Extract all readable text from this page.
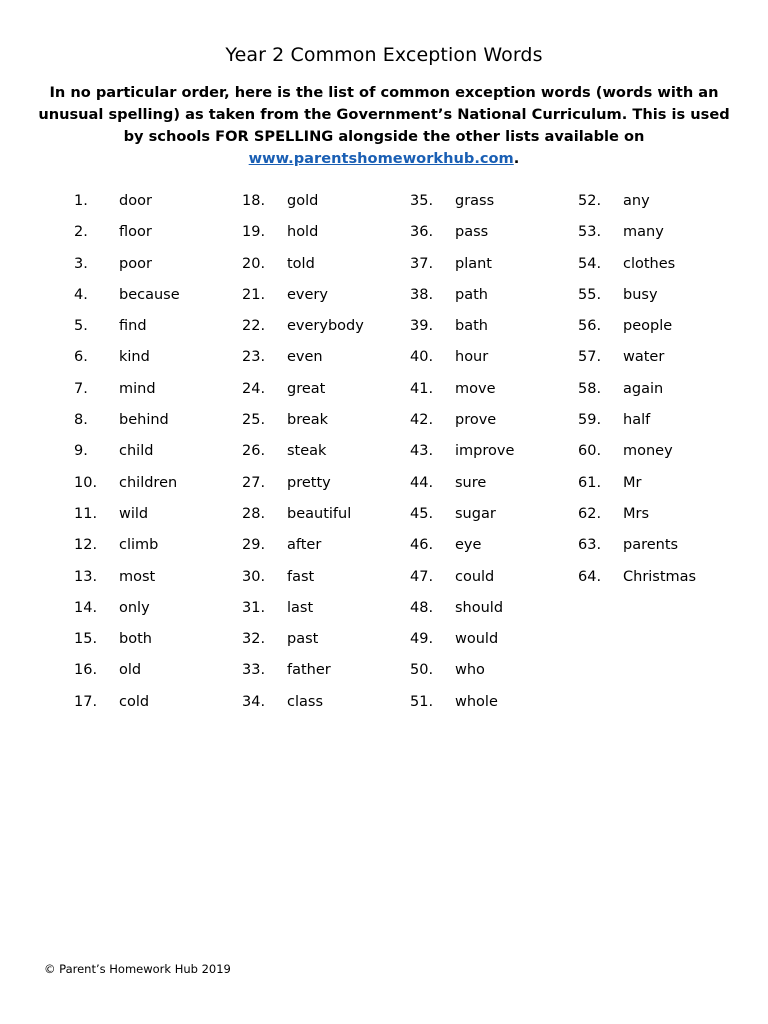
Year 2 Common Exception Words
In no particular order, here is the list of common exception words (words with an unusual spelling) as taken from the Government’s National Curriculum. This is used by schools FOR SPELLING alongside the other lists available on www.parentshomeworkhub.com.
1.	door
2.	floor
3.	poor
4.	because
5.	find
6.	kind
7.	mind
8.	behind
9.	child
10.	children
11.	wild
12.	climb
13.	most
14.	only
15.	both
16.	old
17.	cold
18.	gold
19.	hold
20.	told
21.	every
22.	everybody
23.	even
24.	great
25.	break
26.	steak
27.	pretty
28.	beautiful
29.	after
30.	fast
31.	last
32.	past
33.	father
34.	class
35.	grass
36.	pass
37.	plant
38.	path
39.	bath
40.	hour
41.	move
42.	prove
43.	improve
44.	sure
45.	sugar
46.	eye
47.	could
48.	should
49.	would
50.	who
51.	whole
52.	any
53.	many
54.	clothes
55.	busy
56.	people
57.	water
58.	again
59.	half
60.	money
61.	Mr
62.	Mrs
63.	parents
64.	Christmas
© Parent’s Homework Hub 2019
